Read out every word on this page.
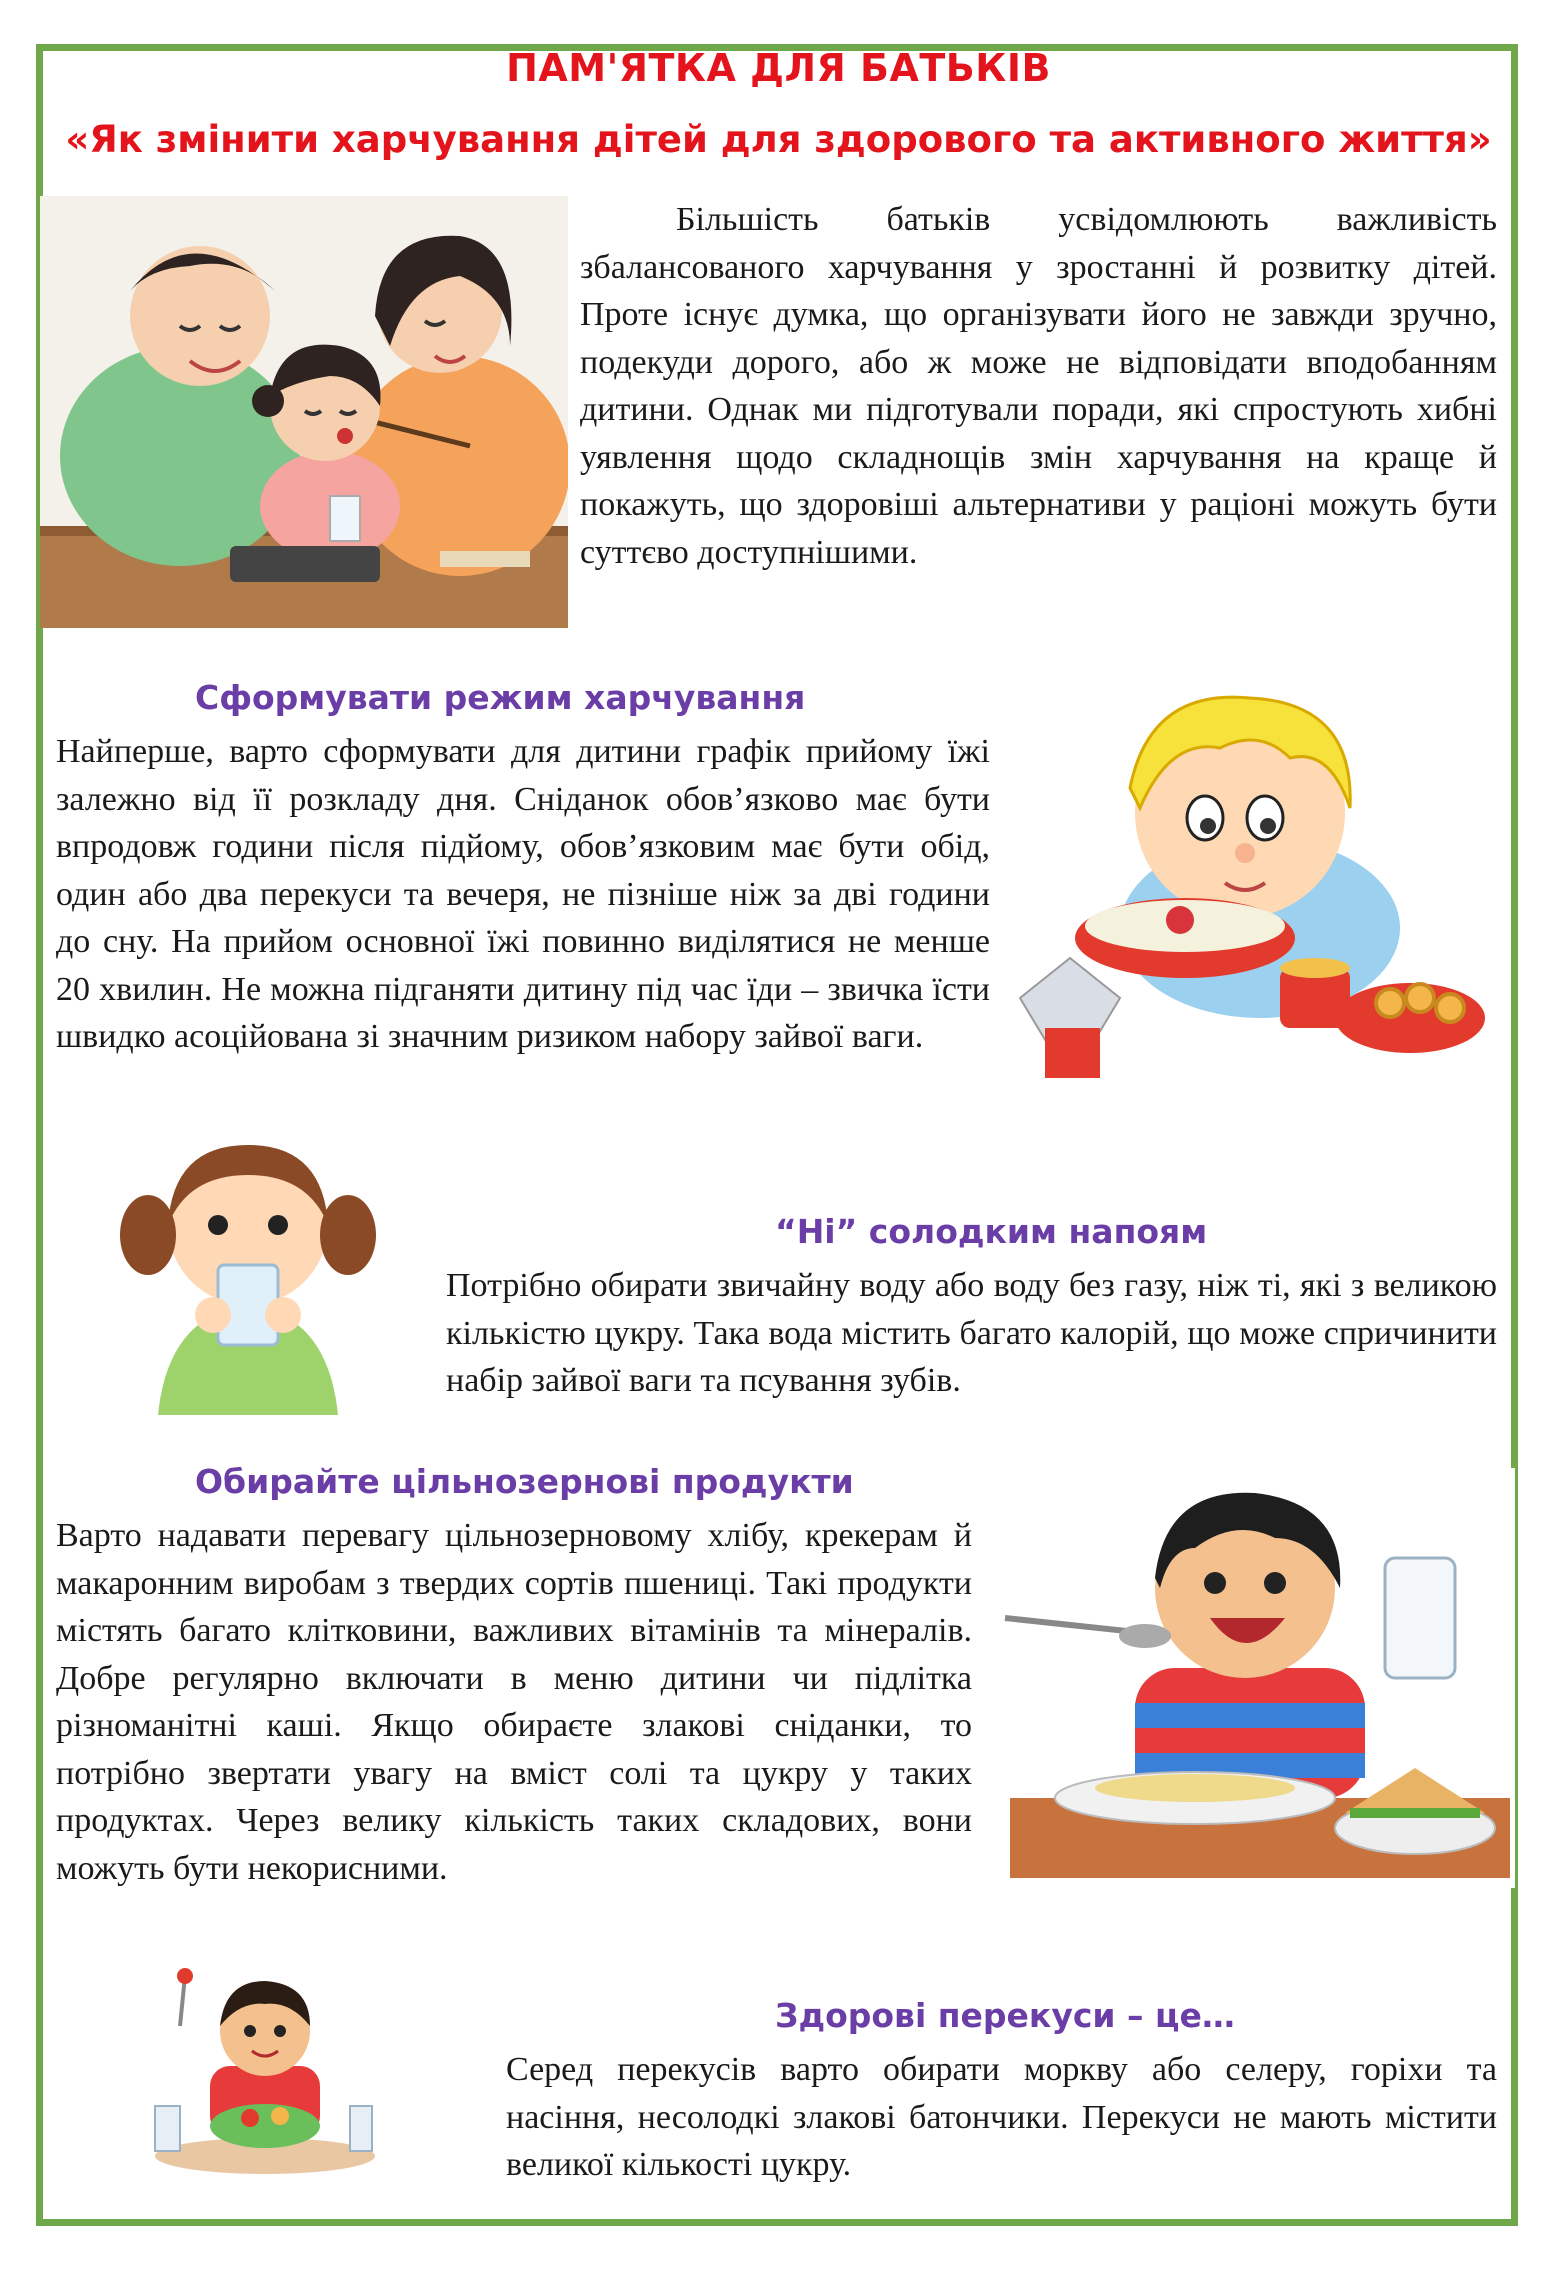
ПАМ'ЯТКА ДЛЯ БАТЬКІВ
«Як змінити харчування дітей для здорового та активного життя»
Більшість батьків усвідомлюють важливість збалансованого харчування у зростанні й розвитку дітей. Проте існує думка, що організувати його не завжди зручно, подекуди дорого, або ж може не відповідати вподобанням дитини. Однак ми підготували поради, які спростують хибні уявлення щодо складнощів змін харчування на краще й покажуть, що здоровіші альтернативи у раціоні можуть бути суттєво доступнішими.
Сформувати режим харчування
Найперше, варто сформувати для дитини графік прийому їжі залежно від її розкладу дня. Сніданок обов’язково має бути впродовж години після підйому, обов’язковим має бути обід, один або два перекуси та вечеря, не пізніше ніж за дві години до сну. На прийом основної їжі повинно виділятися не менше 20 хвилин. Не можна підганяти дитину під час їди – звичка їсти швидко асоційована зі значним ризиком набору зайвої ваги.
“Ні” солодким напоям
Потрібно обирати звичайну воду або воду без газу, ніж ті, які з великою кількістю цукру. Така вода містить багато калорій, що може спричинити набір зайвої ваги та псування зубів.
Обирайте цільнозернові продукти
Варто надавати перевагу цільнозерновому хлібу, крекерам й макаронним виробам з твердих сортів пшениці. Такі продукти містять багато клітковини, важливих вітамінів та мінералів. Добре регулярно включати в меню дитини чи підлітка різноманітні каші. Якщо обираєте злакові сніданки, то потрібно звертати увагу на вміст солі та цукру у таких продуктах. Через велику кількість таких складових, вони можуть бути некорисними.
Здорові перекуси – це…
Серед перекусів варто обирати моркву або селеру, горіхи та насіння, несолодкі злакові батончики. Перекуси не мають містити великої кількості цукру.
